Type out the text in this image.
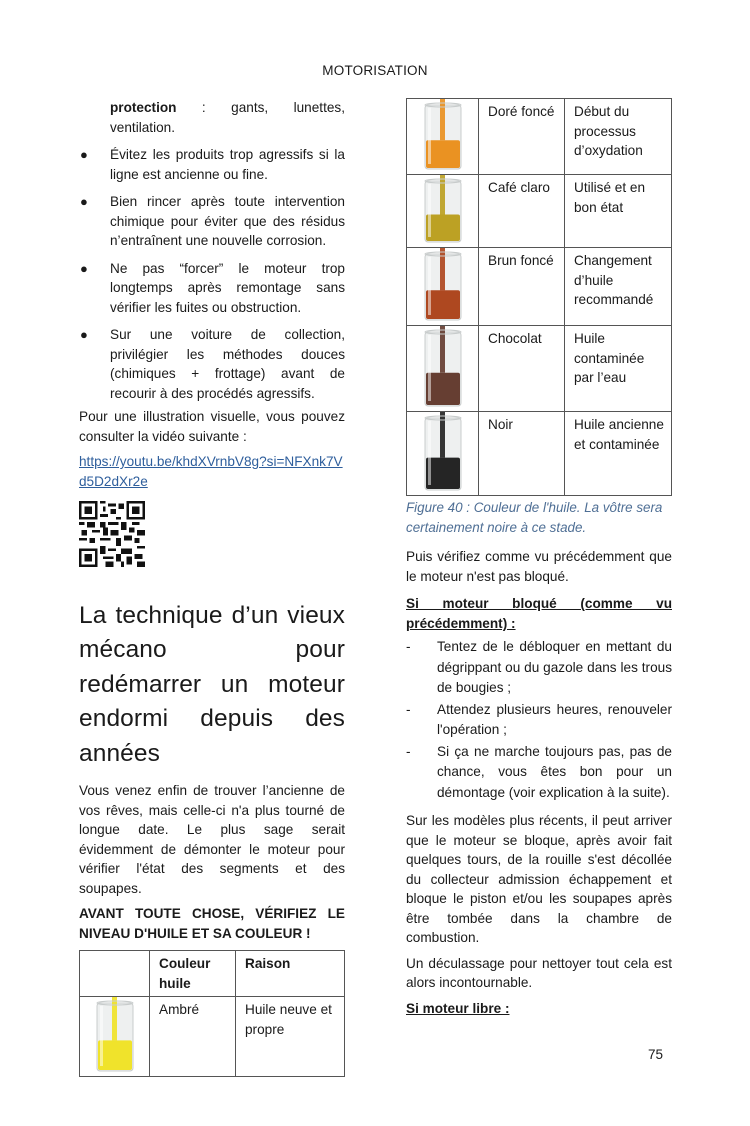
MOTORISATION
protection : gants, lunettes, ventilation.
● Évitez les produits trop agressifs si la ligne est ancienne ou fine.
● Bien rincer après toute intervention chimique pour éviter que des résidus n’entraînent une nouvelle corrosion.
● Ne pas “forcer” le moteur trop longtemps après remontage sans vérifier les fuites ou obstruction.
● Sur une voiture de collection, privilégier les méthodes douces (chimiques + frottage) avant de recourir à des procédés agressifs.

Pour une illustration visuelle, vous pouvez consulter la vidéo suivante :

https://youtu.be/khdXVrnbV8g?si=NFXnk7Vd5D2dXr2e

La technique d’un vieux mécano pour redémarrer un moteur endormi depuis des années

Vous venez enfin de trouver l’ancienne de vos rêves, mais celle-ci n'a plus tourné de longue date. Le plus sage serait évidemment de démonter le moteur pour vérifier l'état des segments et des soupapes.

AVANT TOUTE CHOSE, VÉRIFIEZ LE NIVEAU D'HUILE ET SA COULEUR !

	Couleur huile	Raison

	Ambré	Huile neuve et propre
	Doré foncé	Début du processus d’oxydation

	Café claro	Utilisé et en bon état

	Brun foncé	Changement d’huile recommandé

	Chocolat	Huile contaminée par l’eau

	Noir	Huile ancienne et contaminée

Figure 40 : Couleur de l'huile. La vôtre sera certainement noire à ce stade.

Puis vérifiez comme vu précédemment que le moteur n'est pas bloqué.

Si moteur bloqué (comme vu précédemment) :

- Tentez de le débloquer en mettant du dégrippant ou du gazole dans les trous de bougies ;
- Attendez plusieurs heures, renouveler l'opération ;
- Si ça ne marche toujours pas, pas de chance, vous êtes bon pour un démontage (voir explication à la suite).

Sur les modèles plus récents, il peut arriver que le moteur se bloque, après avoir fait quelques tours, de la rouille s'est décollée du collecteur admission échappement et bloque le piston et/ou les soupapes après être tombée dans la chambre de combustion.

Un déculassage pour nettoyer tout cela est alors incontournable.

Si moteur libre :

75
